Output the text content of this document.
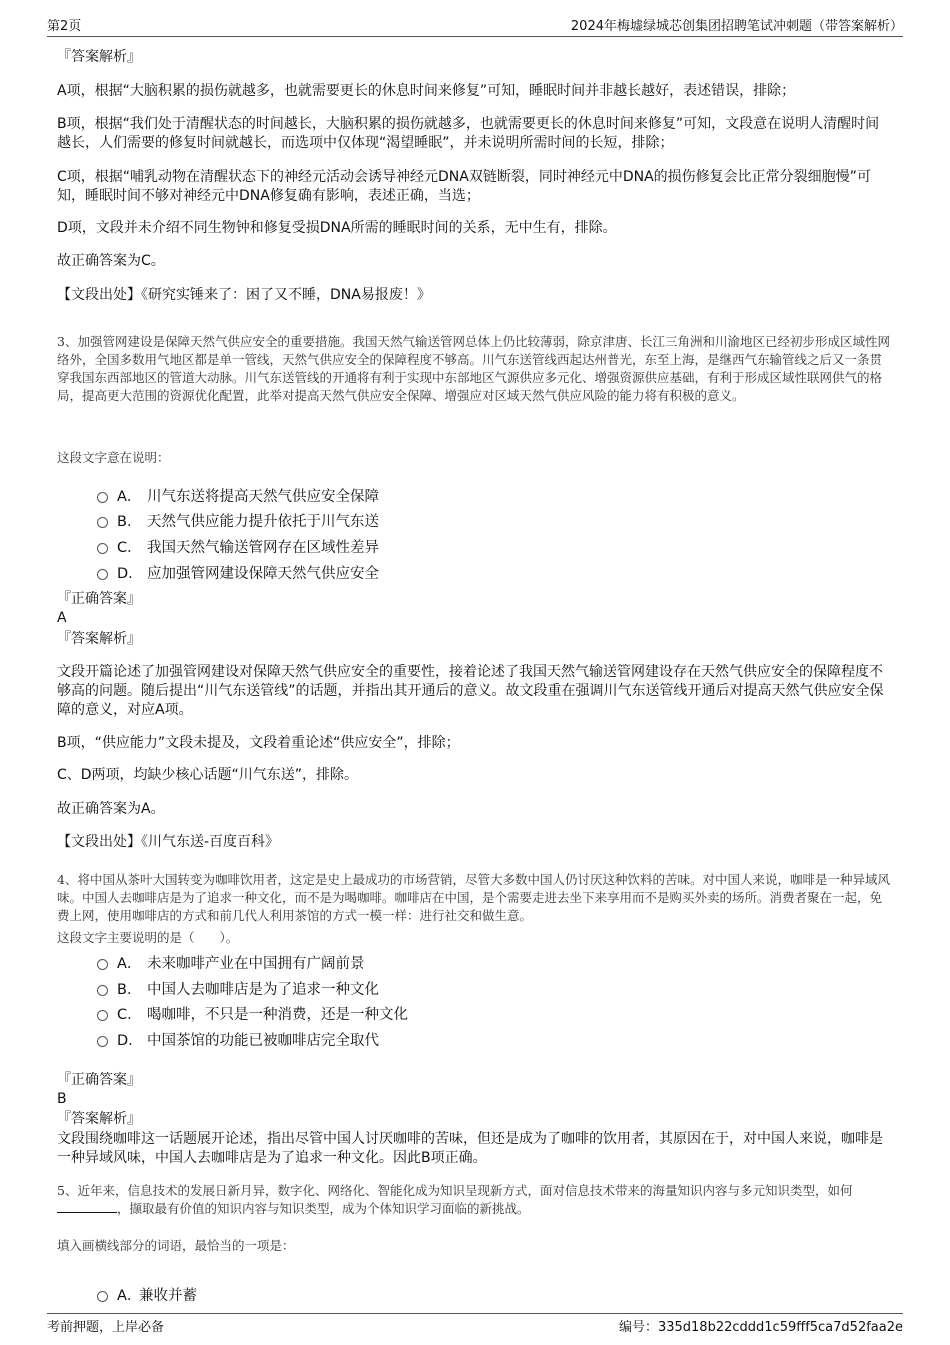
第2页	2024年梅墟绿城芯创集团招聘笔试冲刺题（带答案解析）
『答案解析』
A项，根据“大脑积累的损伤就越多，也就需要更长的休息时间来修复”可知，睡眠时间并非越长越好，表述错误，排除；
B项，根据“我们处于清醒状态的时间越长，大脑积累的损伤就越多，也就需要更长的休息时间来修复”可知，文段意在说明人清醒时间越长，人们需要的修复时间就越长，而选项中仅体现“渴望睡眠”，并未说明所需时间的长短，排除；
C项，根据“哺乳动物在清醒状态下的神经元活动会诱导神经元DNA双链断裂，同时神经元中DNA的损伤修复会比正常分裂细胞慢”可知，睡眠时间不够对神经元中DNA修复确有影响，表述正确，当选；
D项，文段并未介绍不同生物钟和修复受损DNA所需的睡眠时间的关系，无中生有，排除。
故正确答案为C。
【文段出处】《研究实锤来了：困了又不睡，DNA易报废！》
3、加强管网建设是保障天然气供应安全的重要措施。我国天然气输送管网总体上仍比较薄弱，除京津唐、长江三角洲和川渝地区已经初步形成区域性网络外，全国多数用气地区都是单一管线，天然气供应安全的保障程度不够高。川气东送管线西起达州普光，东至上海，是继西气东输管线之后又一条贯穿我国东西部地区的管道大动脉。川气东送管线的开通将有利于实现中东部地区气源供应多元化、增强资源供应基础，有利于形成区域性联网供气的格局，提高更大范围的资源优化配置，此举对提高天然气供应安全保障、增强应对区域天然气供应风险的能力将有积极的意义。
这段文字意在说明：
A． 川气东送将提高天然气供应安全保障
B． 天然气供应能力提升依托于川气东送
C． 我国天然气输送管网存在区域性差异
D． 应加强管网建设保障天然气供应安全
『正确答案』
A
『答案解析』
文段开篇论述了加强管网建设对保障天然气供应安全的重要性，接着论述了我国天然气输送管网建设存在天然气供应安全的保障程度不够高的问题。随后提出“川气东送管线”的话题，并指出其开通后的意义。故文段重在强调川气东送管线开通后对提高天然气供应安全保障的意义，对应A项。
B项，“供应能力”文段未提及，文段着重论述“供应安全”，排除；
C、D两项，均缺少核心话题“川气东送”，排除。
故正确答案为A。
【文段出处】《川气东送-百度百科》
4、将中国从茶叶大国转变为咖啡饮用者，这定是史上最成功的市场营销，尽管大多数中国人仍讨厌这种饮料的苦味。对中国人来说，咖啡是一种异域风味。中国人去咖啡店是为了追求一种文化，而不是为喝咖啡。咖啡店在中国，是个需要走进去坐下来享用而不是购买外卖的场所。消费者聚在一起，免费上网，使用咖啡店的方式和前几代人利用茶馆的方式一模一样：进行社交和做生意。
这段文字主要说明的是（　　）。
A． 未来咖啡产业在中国拥有广阔前景
B． 中国人去咖啡店是为了追求一种文化
C． 喝咖啡，不只是一种消费，还是一种文化
D． 中国茶馆的功能已被咖啡店完全取代
『正确答案』
B
『答案解析』
文段围绕咖啡这一话题展开论述，指出尽管中国人讨厌咖啡的苦味，但还是成为了咖啡的饮用者，其原因在于，对中国人来说，咖啡是一种异域风味，中国人去咖啡店是为了追求一种文化。因此B项正确。
5、近年来，信息技术的发展日新月异，数字化、网络化、智能化成为知识呈现新方式，面对信息技术带来的海量知识内容与多元知识类型，如何，撷取最有价值的知识内容与知识类型，成为个体知识学习面临的新挑战。
填入画横线部分的词语，最恰当的一项是：
A．
兼收并蓄
考前押题，上岸必备	编号：335d18b22cddd1c59fff5ca7d52faa2e
